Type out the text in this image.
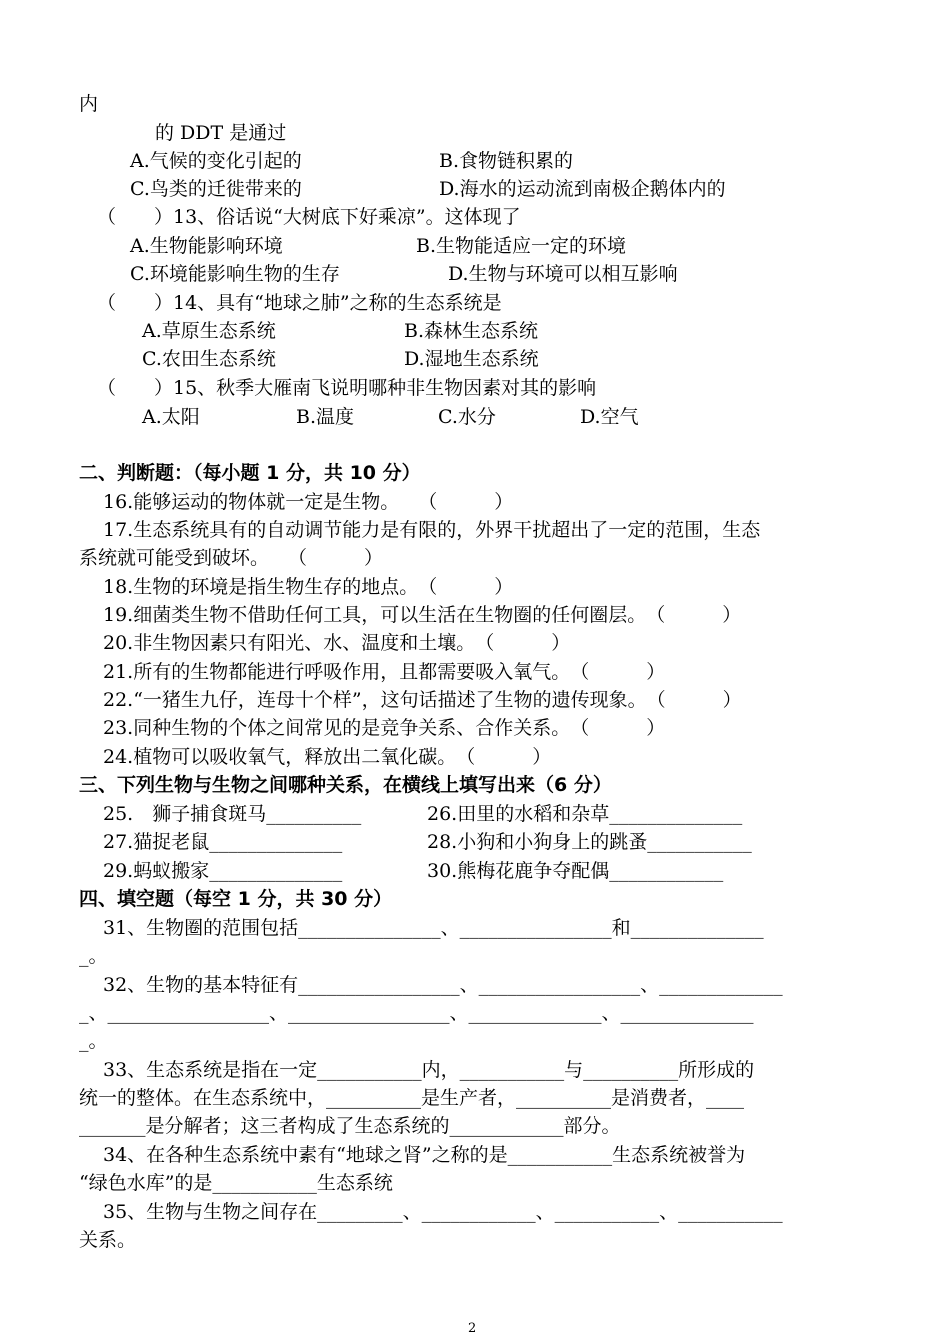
内
的 DDT 是通过
A.气候的变化引起的	B.食物链积累的
C.鸟类的迁徙带来的	D.海水的运动流到南极企鹅体内的
（　　）13、俗话说“大树底下好乘凉”。这体现了
A.生物能影响环境	B.生物能适应一定的环境
C.环境能影响生物的生存	D.生物与环境可以相互影响
（　　）14、具有“地球之肺”之称的生态系统是
A.草原生态系统	B.森林生态系统
C.农田生态系统	D.湿地生态系统
（　　）15、秋季大雁南飞说明哪种非生物因素对其的影响
A.太阳	B.温度	C.水分	D.空气
二、判断题：（每小题 1 分，共 10 分）
16.能够运动的物体就一定是生物。　　（　　　）
17.生态系统具有的自动调节能力是有限的，外界干扰超出了一定的范围，生态
系统就可能受到破坏。　　（　　　）
18.生物的环境是指生物生存的地点。　（　　　）
19.细菌类生物不借助任何工具，可以生活在生物圈的任何圈层。　（　　　）
20.非生物因素只有阳光、水、温度和土壤。　（　　　）
21.所有的生物都能进行呼吸作用，且都需要吸入氧气。　（　　　）
22.“一猪生九仔，连母十个样”，这句话描述了生物的遗传现象。　（　　　）
23.同种生物的个体之间常见的是竞争关系、合作关系。　（　　　）
24.植物可以吸收氧气，释放出二氧化碳。　（　　　）
三、下列生物与生物之间哪种关系，在横线上填写出来（6 分）
25.　狮子捕食斑马__________	26.田里的水稻和杂草______________
27.猫捉老鼠______________	28.小狗和小狗身上的跳蚤___________
29.蚂蚁搬家______________	30.熊梅花鹿争夺配偶____________
四、填空题（每空 1 分，共 30 分）
31、生物圈的范围包括_______________、________________和______________
_。
32、生物的基本特征有_________________、_________________、_____________
_、_________________、_________________、______________、______________
_。
33、生态系统是指在一定___________内，___________与__________所形成的
统一的整体。在生态系统中，__________是生产者，__________是消费者，____
_______是分解者；这三者构成了生态系统的____________部分。
34、在各种生态系统中素有“地球之肾”之称的是___________生态系统被誉为
“绿色水库”的是___________生态系统
35、生物与生物之间存在_________、____________、___________、___________
关系。
2
